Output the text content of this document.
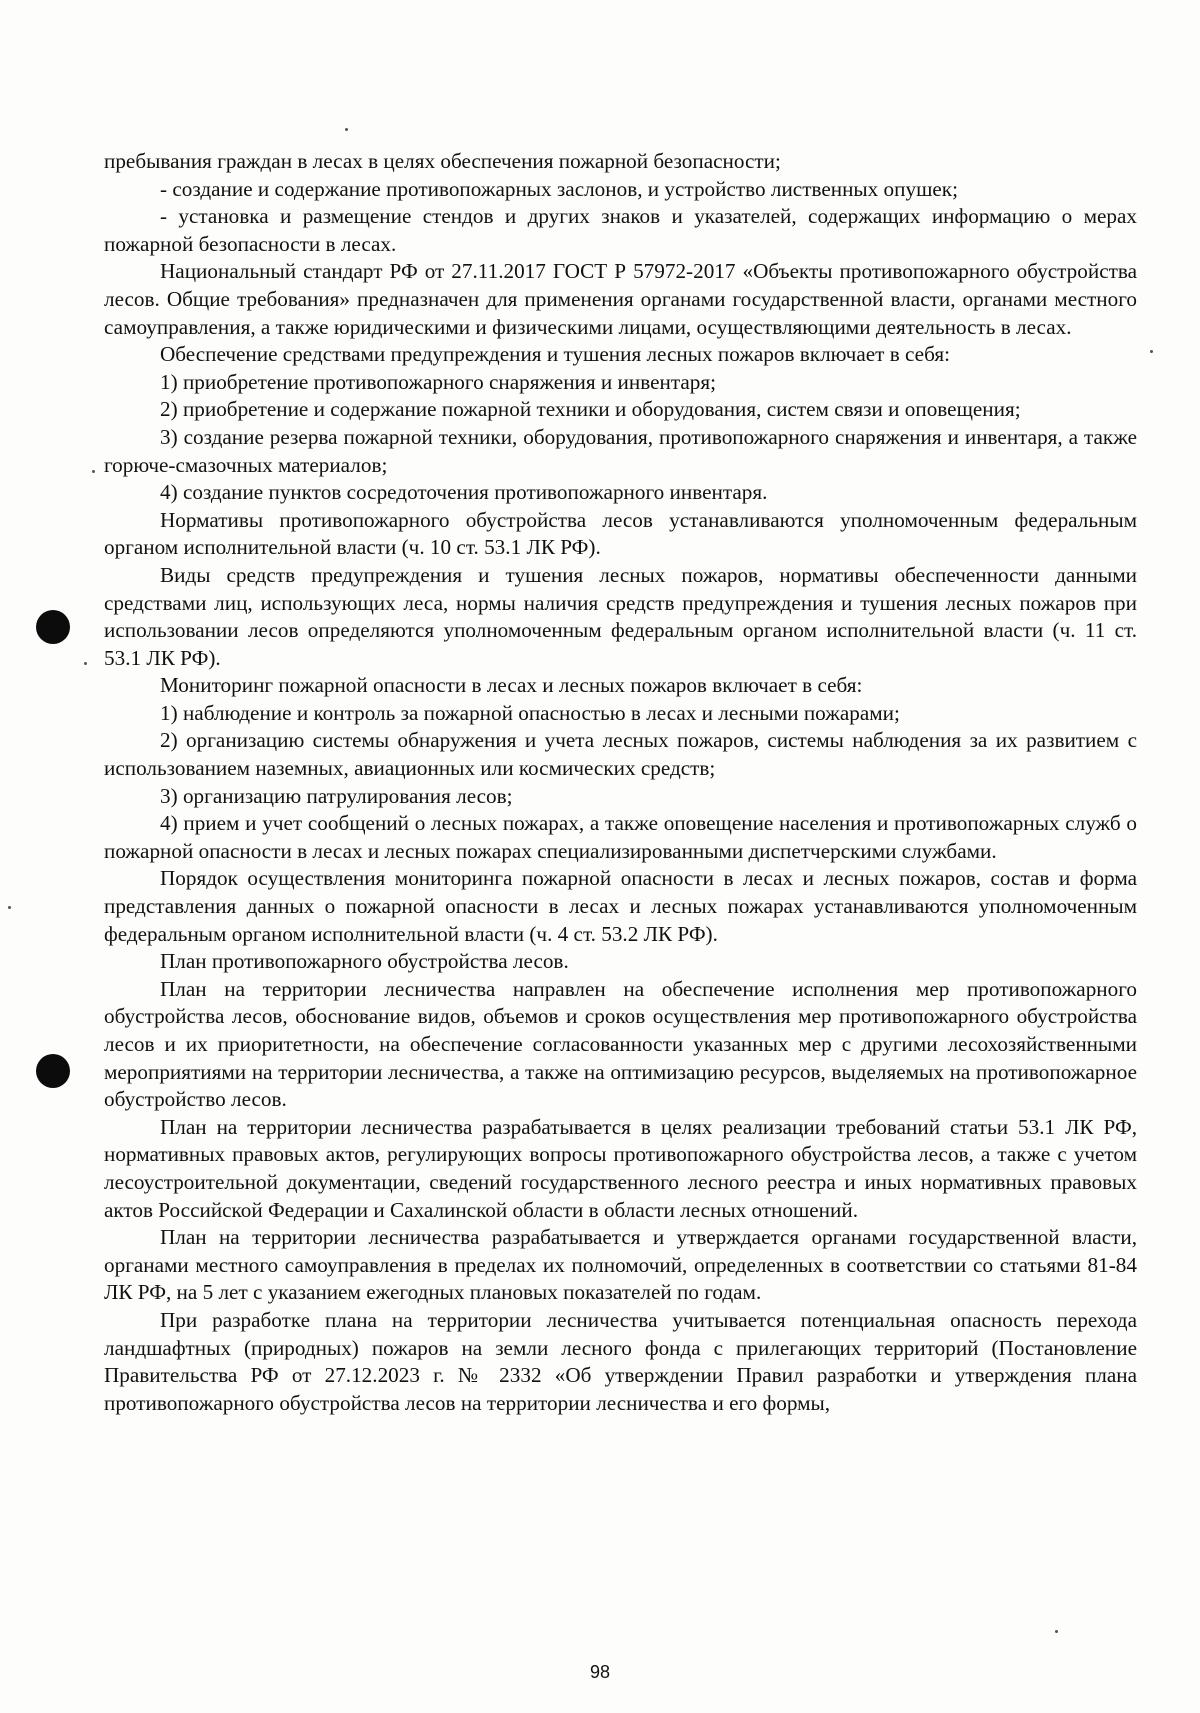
пребывания граждан в лесах в целях обеспечения пожарной безопасности;

- создание и содержание противопожарных заслонов, и устройство лиственных опушек;

- установка и размещение стендов и других знаков и указателей, содержащих информацию о мерах пожарной безопасности в лесах.

Национальный стандарт РФ от 27.11.2017 ГОСТ Р 57972-2017 «Объекты противопожарного обустройства лесов. Общие требования» предназначен для применения органами государственной власти, органами местного самоуправления, а также юридическими и физическими лицами, осуществляющими деятельность в лесах.

Обеспечение средствами предупреждения и тушения лесных пожаров включает в себя:

1) приобретение противопожарного снаряжения и инвентаря;

2) приобретение и содержание пожарной техники и оборудования, систем связи и оповещения;

3) создание резерва пожарной техники, оборудования, противопожарного снаряжения и инвентаря, а также горюче-смазочных материалов;

4) создание пунктов сосредоточения противопожарного инвентаря.

Нормативы противопожарного обустройства лесов устанавливаются уполномоченным федеральным органом исполнительной власти (ч. 10 ст. 53.1 ЛК РФ).

Виды средств предупреждения и тушения лесных пожаров, нормативы обеспеченности данными средствами лиц, использующих леса, нормы наличия средств предупреждения и тушения лесных пожаров при использовании лесов определяются уполномоченным федеральным органом исполнительной власти (ч. 11 ст. 53.1 ЛК РФ).

Мониторинг пожарной опасности в лесах и лесных пожаров включает в себя:

1) наблюдение и контроль за пожарной опасностью в лесах и лесными пожарами;

2) организацию системы обнаружения и учета лесных пожаров, системы наблюдения за их развитием с использованием наземных, авиационных или космических средств;

3) организацию патрулирования лесов;

4) прием и учет сообщений о лесных пожарах, а также оповещение населения и противопожарных служб о пожарной опасности в лесах и лесных пожарах специализированными диспетчерскими службами.

Порядок осуществления мониторинга пожарной опасности в лесах и лесных пожаров, состав и форма представления данных о пожарной опасности в лесах и лесных пожарах устанавливаются уполномоченным федеральным органом исполнительной власти (ч. 4 ст. 53.2 ЛК РФ).

План противопожарного обустройства лесов.

План на территории лесничества направлен на обеспечение исполнения мер противопожарного обустройства лесов, обоснование видов, объемов и сроков осуществления мер противопожарного обустройства лесов и их приоритетности, на обеспечение согласованности указанных мер с другими лесохозяйственными мероприятиями на территории лесничества, а также на оптимизацию ресурсов, выделяемых на противопожарное обустройство лесов.

План на территории лесничества разрабатывается в целях реализации требований статьи 53.1 ЛК РФ, нормативных правовых актов, регулирующих вопросы противопожарного обустройства лесов, а также с учетом лесоустроительной документации, сведений государственного лесного реестра и иных нормативных правовых актов Российской Федерации и Сахалинской области в области лесных отношений.

План на территории лесничества разрабатывается и утверждается органами государственной власти, органами местного самоуправления в пределах их полномочий, определенных в соответствии со статьями 81-84 ЛК РФ, на 5 лет с указанием ежегодных плановых показателей по годам.

При разработке плана на территории лесничества учитывается потенциальная опасность перехода ландшафтных (природных) пожаров на земли лесного фонда с прилегающих территорий (Постановление Правительства РФ от 27.12.2023 г. № 2332 «Об утверждении Правил разработки и утверждения плана противопожарного обустройства лесов на территории лесничества и его формы,

98
